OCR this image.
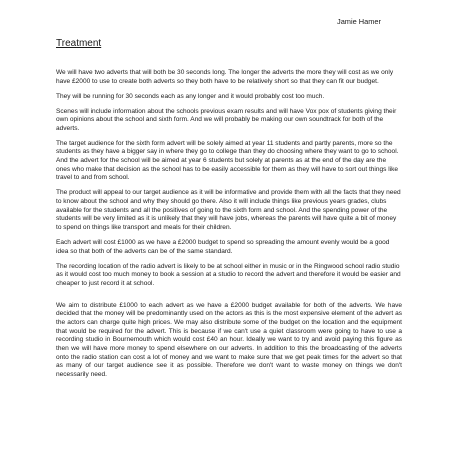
Jamie Hamer
Treatment

We will have two adverts that will both be 30 seconds long. The longer the adverts the more they will cost as we only have £2000 to use to create both adverts so they both have to be relatively short so that they can fit our budget.

They will be running for 30 seconds each as any longer and it would probably cost too much.

Scenes will include information about the schools previous exam results and will have Vox pox of students giving their own opinions about the school and sixth form. And we will probably be making our own soundtrack for both of the adverts.

The target audience for the sixth form advert will be solely aimed at year 11 students and partly parents, more so the students as they have a bigger say in where they go to college than they do choosing where they want to go to school. And the advert for the school will be aimed at year 6 students but solely at parents as at the end of the day are the ones who make that decision as the school has to be easily accessible for them as they will have to sort out things like travel to and from school.

The product will appeal to our target audience as it will be informative and provide them with all the facts that they need to know about the school and why they should go there. Also it will include things like previous years grades, clubs available for the students and all the positives of going to the sixth form and school. And the spending power of the students will be very limited as it is unlikely that they will have jobs, whereas the parents will have quite a bit of money to spend on things like transport and meals for their children.

Each advert will cost £1000 as we have a £2000 budget to spend so spreading the amount evenly would be a good idea so that both of the adverts can be of the same standard.

The recording location of the radio advert is likely to be at school either in music or in the Ringwood school radio studio as it would cost too much money to book a session at a studio to record the advert and therefore it would be easier and cheaper to just record it at school.

We aim to distribute £1000 to each advert as we have a £2000 budget available for both of the adverts. We have decided that the money will be predominantly used on the actors as this is the most expensive element of the advert as the actors can charge quite high prices. We may also distribute some of the budget on the location and the equipment that would be required for the advert. This is because if we can't use a quiet classroom were going to have to use a recording studio in Bournemouth which would cost £40 an hour. Ideally we want to try and avoid paying this figure as then we will have more money to spend elsewhere on our adverts. In addition to this the broadcasting of the adverts onto the radio station can cost a lot of money and we want to make sure that we get peak times for the advert so that as many of our target audience see it as possible. Therefore we don't want to waste money on things we don't necessarily need.
